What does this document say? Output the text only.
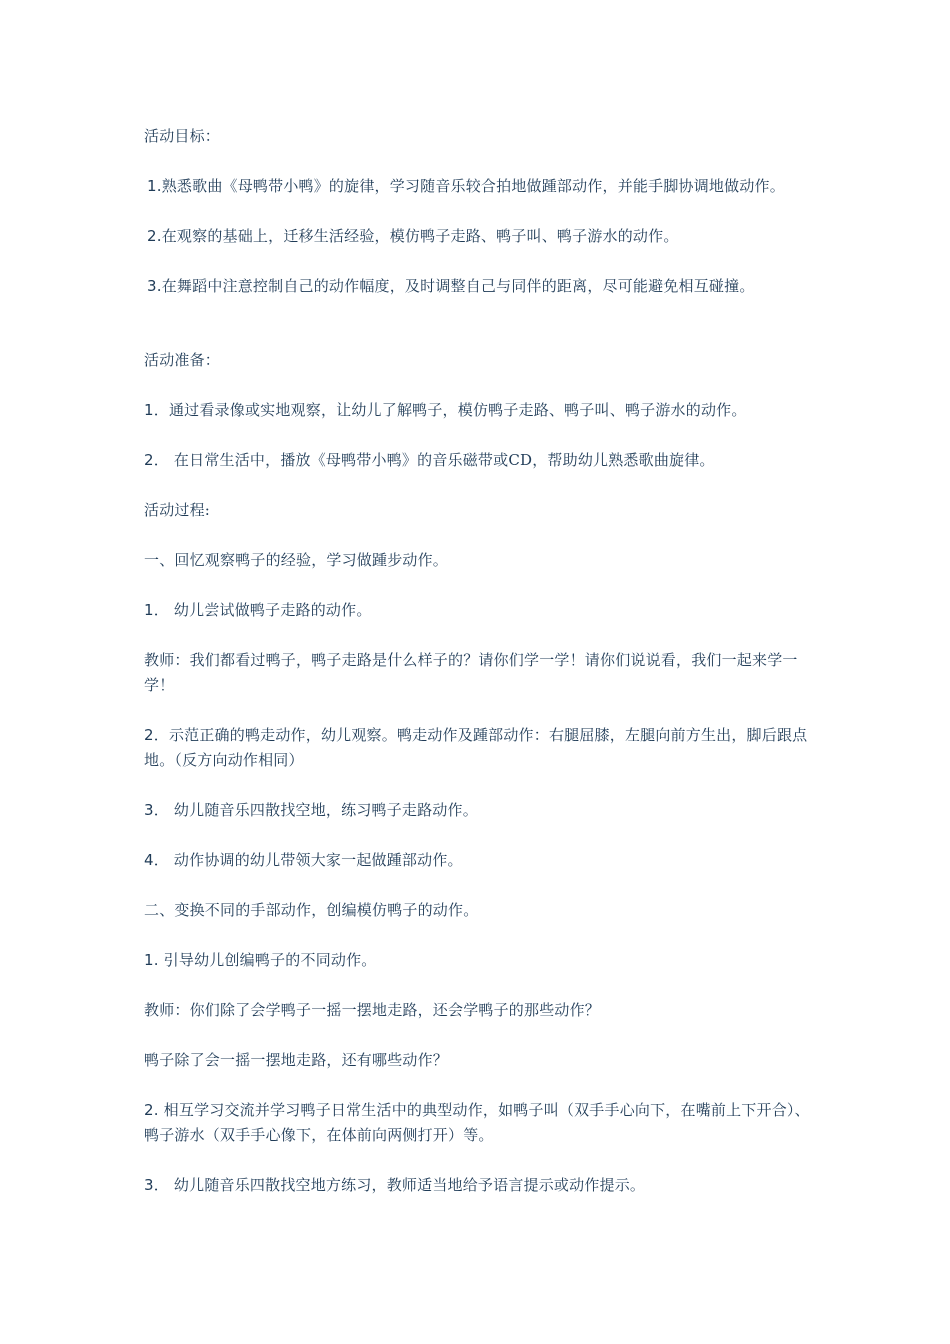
活动目标：

1.熟悉歌曲《母鸭带小鸭》的旋律，学习随音乐较合拍地做踵部动作，并能手脚协调地做动作。

2.在观察的基础上，迁移生活经验，模仿鸭子走路、鸭子叫、鸭子游水的动作。

3.在舞蹈中注意控制自己的动作幅度，及时调整自己与同伴的距离，尽可能避免相互碰撞。

活动准备：

1．通过看录像或实地观察，让幼儿了解鸭子，模仿鸭子走路、鸭子叫、鸭子游水的动作。

2． 在日常生活中，播放《母鸭带小鸭》的音乐磁带或CD，帮助幼儿熟悉歌曲旋律。

活动过程:

一、回忆观察鸭子的经验，学习做踵步动作。

1． 幼儿尝试做鸭子走路的动作。

教师：我们都看过鸭子，鸭子走路是什么样子的？请你们学一学！请你们说说看，我们一起来学一学！

2．示范正确的鸭走动作，幼儿观察。鸭走动作及踵部动作：右腿屈膝，左腿向前方生出，脚后跟点地。（反方向动作相同）

3． 幼儿随音乐四散找空地，练习鸭子走路动作。

4． 动作协调的幼儿带领大家一起做踵部动作。

二、变换不同的手部动作，创编模仿鸭子的动作。

1. 引导幼儿创编鸭子的不同动作。

教师：你们除了会学鸭子一摇一摆地走路，还会学鸭子的那些动作？

鸭子除了会一摇一摆地走路，还有哪些动作？

2. 相互学习交流并学习鸭子日常生活中的典型动作，如鸭子叫（双手手心向下，在嘴前上下开合）、鸭子游水（双手手心像下，在体前向两侧打开）等。

3． 幼儿随音乐四散找空地方练习，教师适当地给予语言提示或动作提示。
